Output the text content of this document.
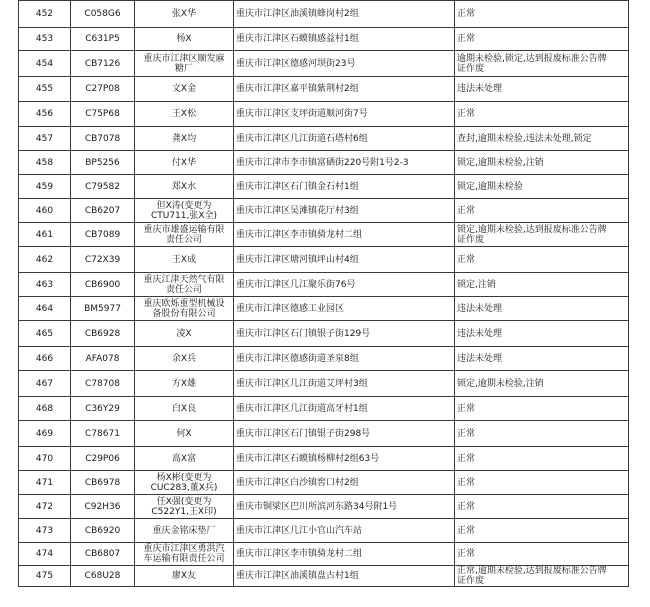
452	C058G6	张X华	重庆市江津区油溪镇蜂岗村2组	正常

453	C631P5	杨X	重庆市江津区石蟆镇感益村1组	正常

454	CB7126	重庆市江津区顺发麻
糖厂	重庆市江津区德感河坝街23号	逾期未检验,锁定,达到报废标准公告牌
证作废

455	C27P08	文X金	重庆市江津区嘉平镇紫荆村2组	违法未处理

456	C75P68	王X松	重庆市江津区支坪街道顺河街7号	正常

457	CB7078	龚X均	重庆市江津区几江街道石塔村6组	查封,逾期未检验,违法未处理,锁定

458	BP5256	付X华	重庆市江津市李市镇富硒街220号附1号2-3	锁定,逾期未检验,注销

459	C79582	郑X水	重庆市江津区石门镇金石村1组	锁定,逾期未检验

460	CB6207	但X涛(变更为
CTU711,张X全)	重庆市江津区吴滩镇花厅村3组	正常

461	CB7089	重庆市雄盛运输有限
责任公司	重庆市江津区李市镇骑龙村二组	锁定,逾期未检验,达到报废标准公告牌
证作废

462	C72X39	王X成	重庆市江津区塘河镇坪山村4组	正常

463	CB6900	重庆江津天然气有限
责任公司	重庆市江津区几江聚乐街76号	锁定,注销

464	BM5977	重庆欧烁重型机械设
备股份有限公司	重庆市江津区德感工业园区	违法未处理

465	CB6928	凌X	重庆市江津区石门镇银子街129号	违法未处理

466	AFA078	余X兵	重庆市江津区德感街道圣泉8组	违法未处理

467	C78708	方X雄	重庆市江津区几江街道艾坪村3组	锁定,逾期未检验,注销

468	C36Y29	白X良	重庆市江津区几江街道高牙村1组	正常

469	C78671	何X	重庆市江津区石门镇银子街298号	正常

470	C29P06	高X富	重庆市江津区石蟆镇杨柳村2组63号	正常

471	CB6978	杨X彬(变更为
CUC283,董X兵)	重庆市江津区白沙镇窖口村2组	正常

472	C92H36	任X强(变更为
C522Y1,王X印)	重庆市铜梁区巴川所滨河东路34号附1号	正常

473	CB6920	重庆金铭床垫厂	重庆市江津区几江小官山汽车站	正常

474	CB6807	重庆市江津区勇洪汽
车运输有限责任公司	重庆市江津区李市镇骑龙村二组	正常

475	C68U28	廖X友	重庆市江津区油溪镇盘古村1组	正常,逾期未检验,达到报废标准公告牌
证作废
